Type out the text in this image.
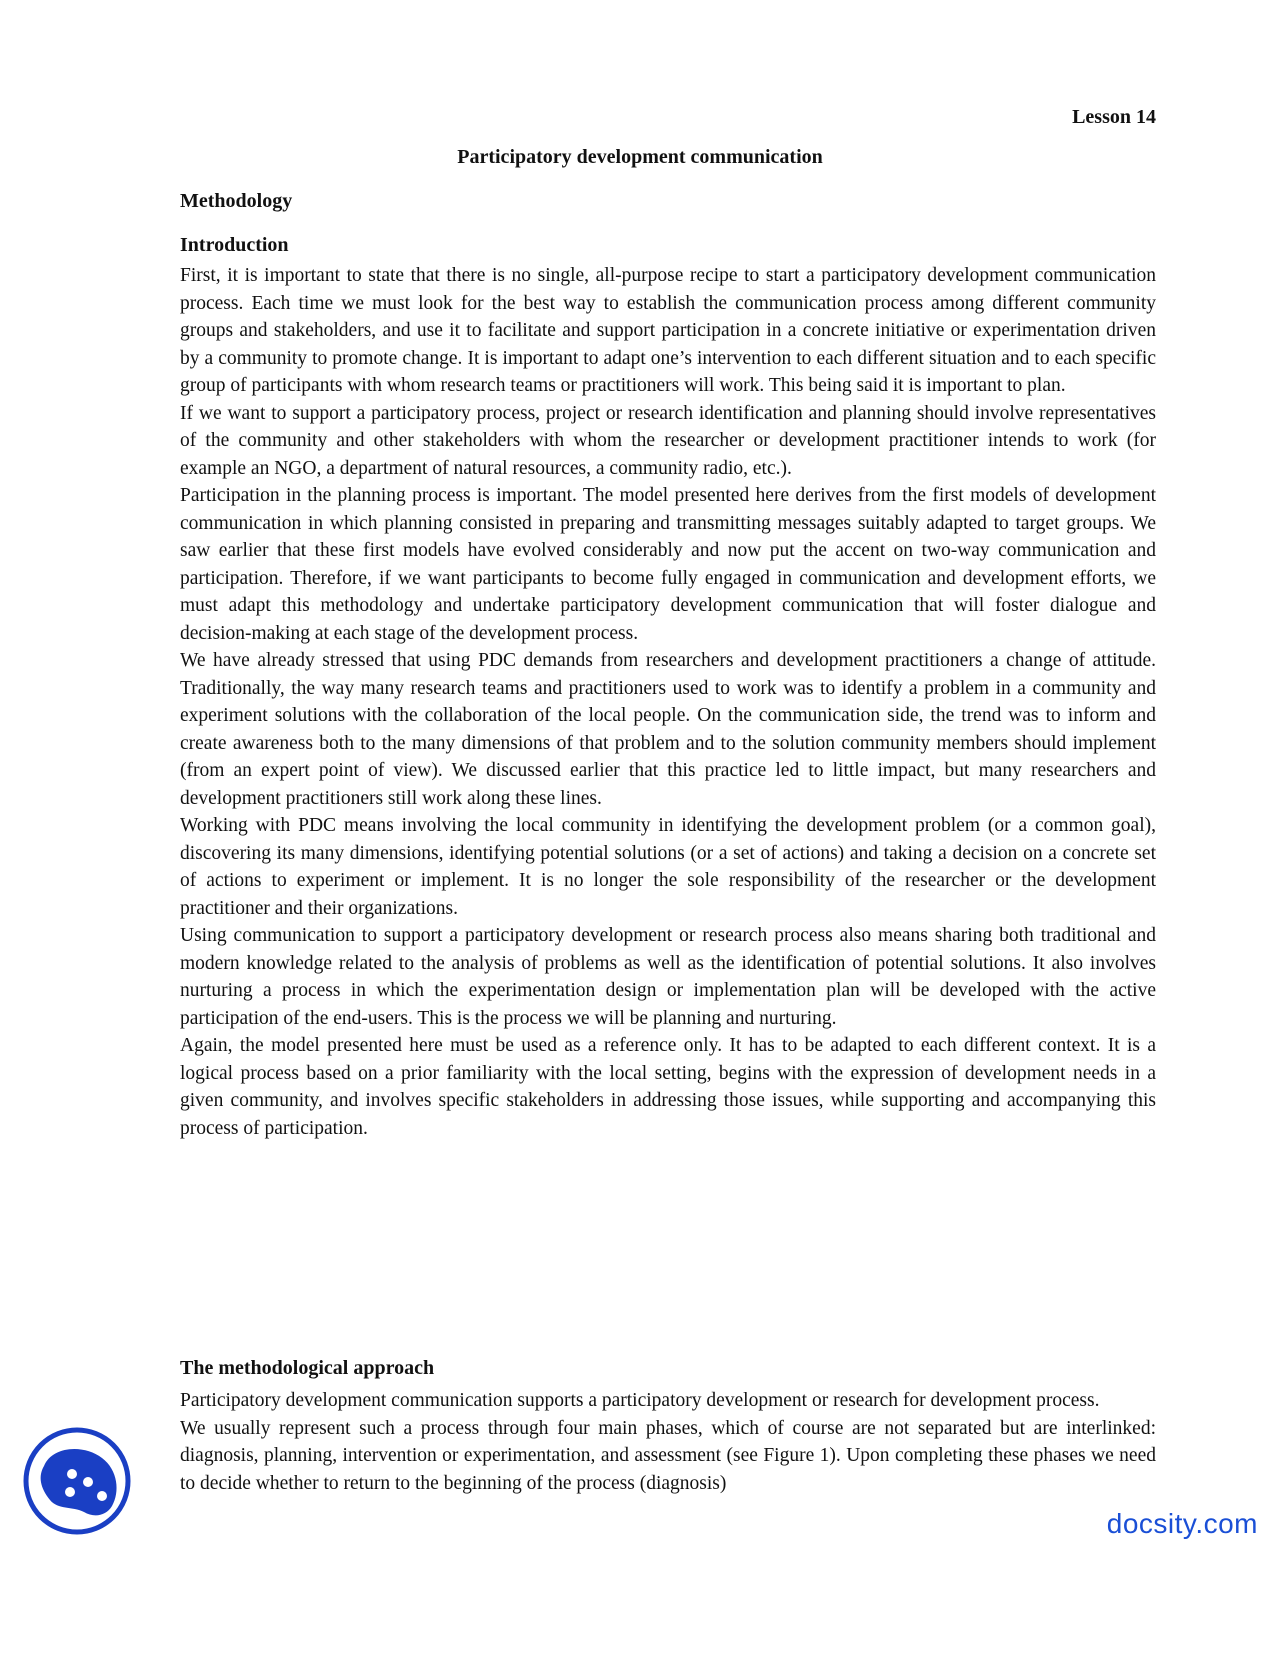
Lesson 14
Participatory development communication
Methodology
Introduction

First, it is important to state that there is no single, all-purpose recipe to start a participatory development communication process. Each time we must look for the best way to establish the communication process among different community groups and stakeholders, and use it to facilitate and support participation in a concrete initiative or experimentation driven by a community to promote change. It is important to adapt one’s intervention to each different situation and to each specific group of participants with whom research teams or practitioners will work. This being said it is important to plan.

If we want to support a participatory process, project or research identification and planning should involve representatives of the community and other stakeholders with whom the researcher or development practitioner intends to work (for example an NGO, a department of natural resources, a community radio, etc.).

Participation in the planning process is important. The model presented here derives from the first models of development communication in which planning consisted in preparing and transmitting messages suitably adapted to target groups. We saw earlier that these first models have evolved considerably and now put the accent on two-way communication and participation. Therefore, if we want participants to become fully engaged in communication and development efforts, we must adapt this methodology and undertake participatory development communication that will foster dialogue and decision-making at each stage of the development process.

We have already stressed that using PDC demands from researchers and development practitioners a change of attitude. Traditionally, the way many research teams and practitioners used to work was to identify a problem in a community and experiment solutions with the collaboration of the local people. On the communication side, the trend was to inform and create awareness both to the many dimensions of that problem and to the solution community members should implement (from an expert point of view). We discussed earlier that this practice led to little impact, but many researchers and development practitioners still work along these lines.

Working with PDC means involving the local community in identifying the development problem (or a common goal), discovering its many dimensions, identifying potential solutions (or a set of actions) and taking a decision on a concrete set of actions to experiment or implement. It is no longer the sole responsibility of the researcher or the development practitioner and their organizations.

Using communication to support a participatory development or research process also means sharing both traditional and modern knowledge related to the analysis of problems as well as the identification of potential solutions. It also involves nurturing a process in which the experimentation design or implementation plan will be developed with the active participation of the end-users. This is the process we will be planning and nurturing.

Again, the model presented here must be used as a reference only. It has to be adapted to each different context. It is a logical process based on a prior familiarity with the local setting, begins with the expression of development needs in a given community, and involves specific stakeholders in addressing those issues, while supporting and accompanying this process of participation.

The methodological approach

Participatory development communication supports a participatory development or research for development process.

We usually represent such a process through four main phases, which of course are not separated but are interlinked: diagnosis, planning, intervention or experimentation, and assessment (see Figure 1). Upon completing these phases we need to decide whether to return to the beginning of the process (diagnosis)

docsity.com
